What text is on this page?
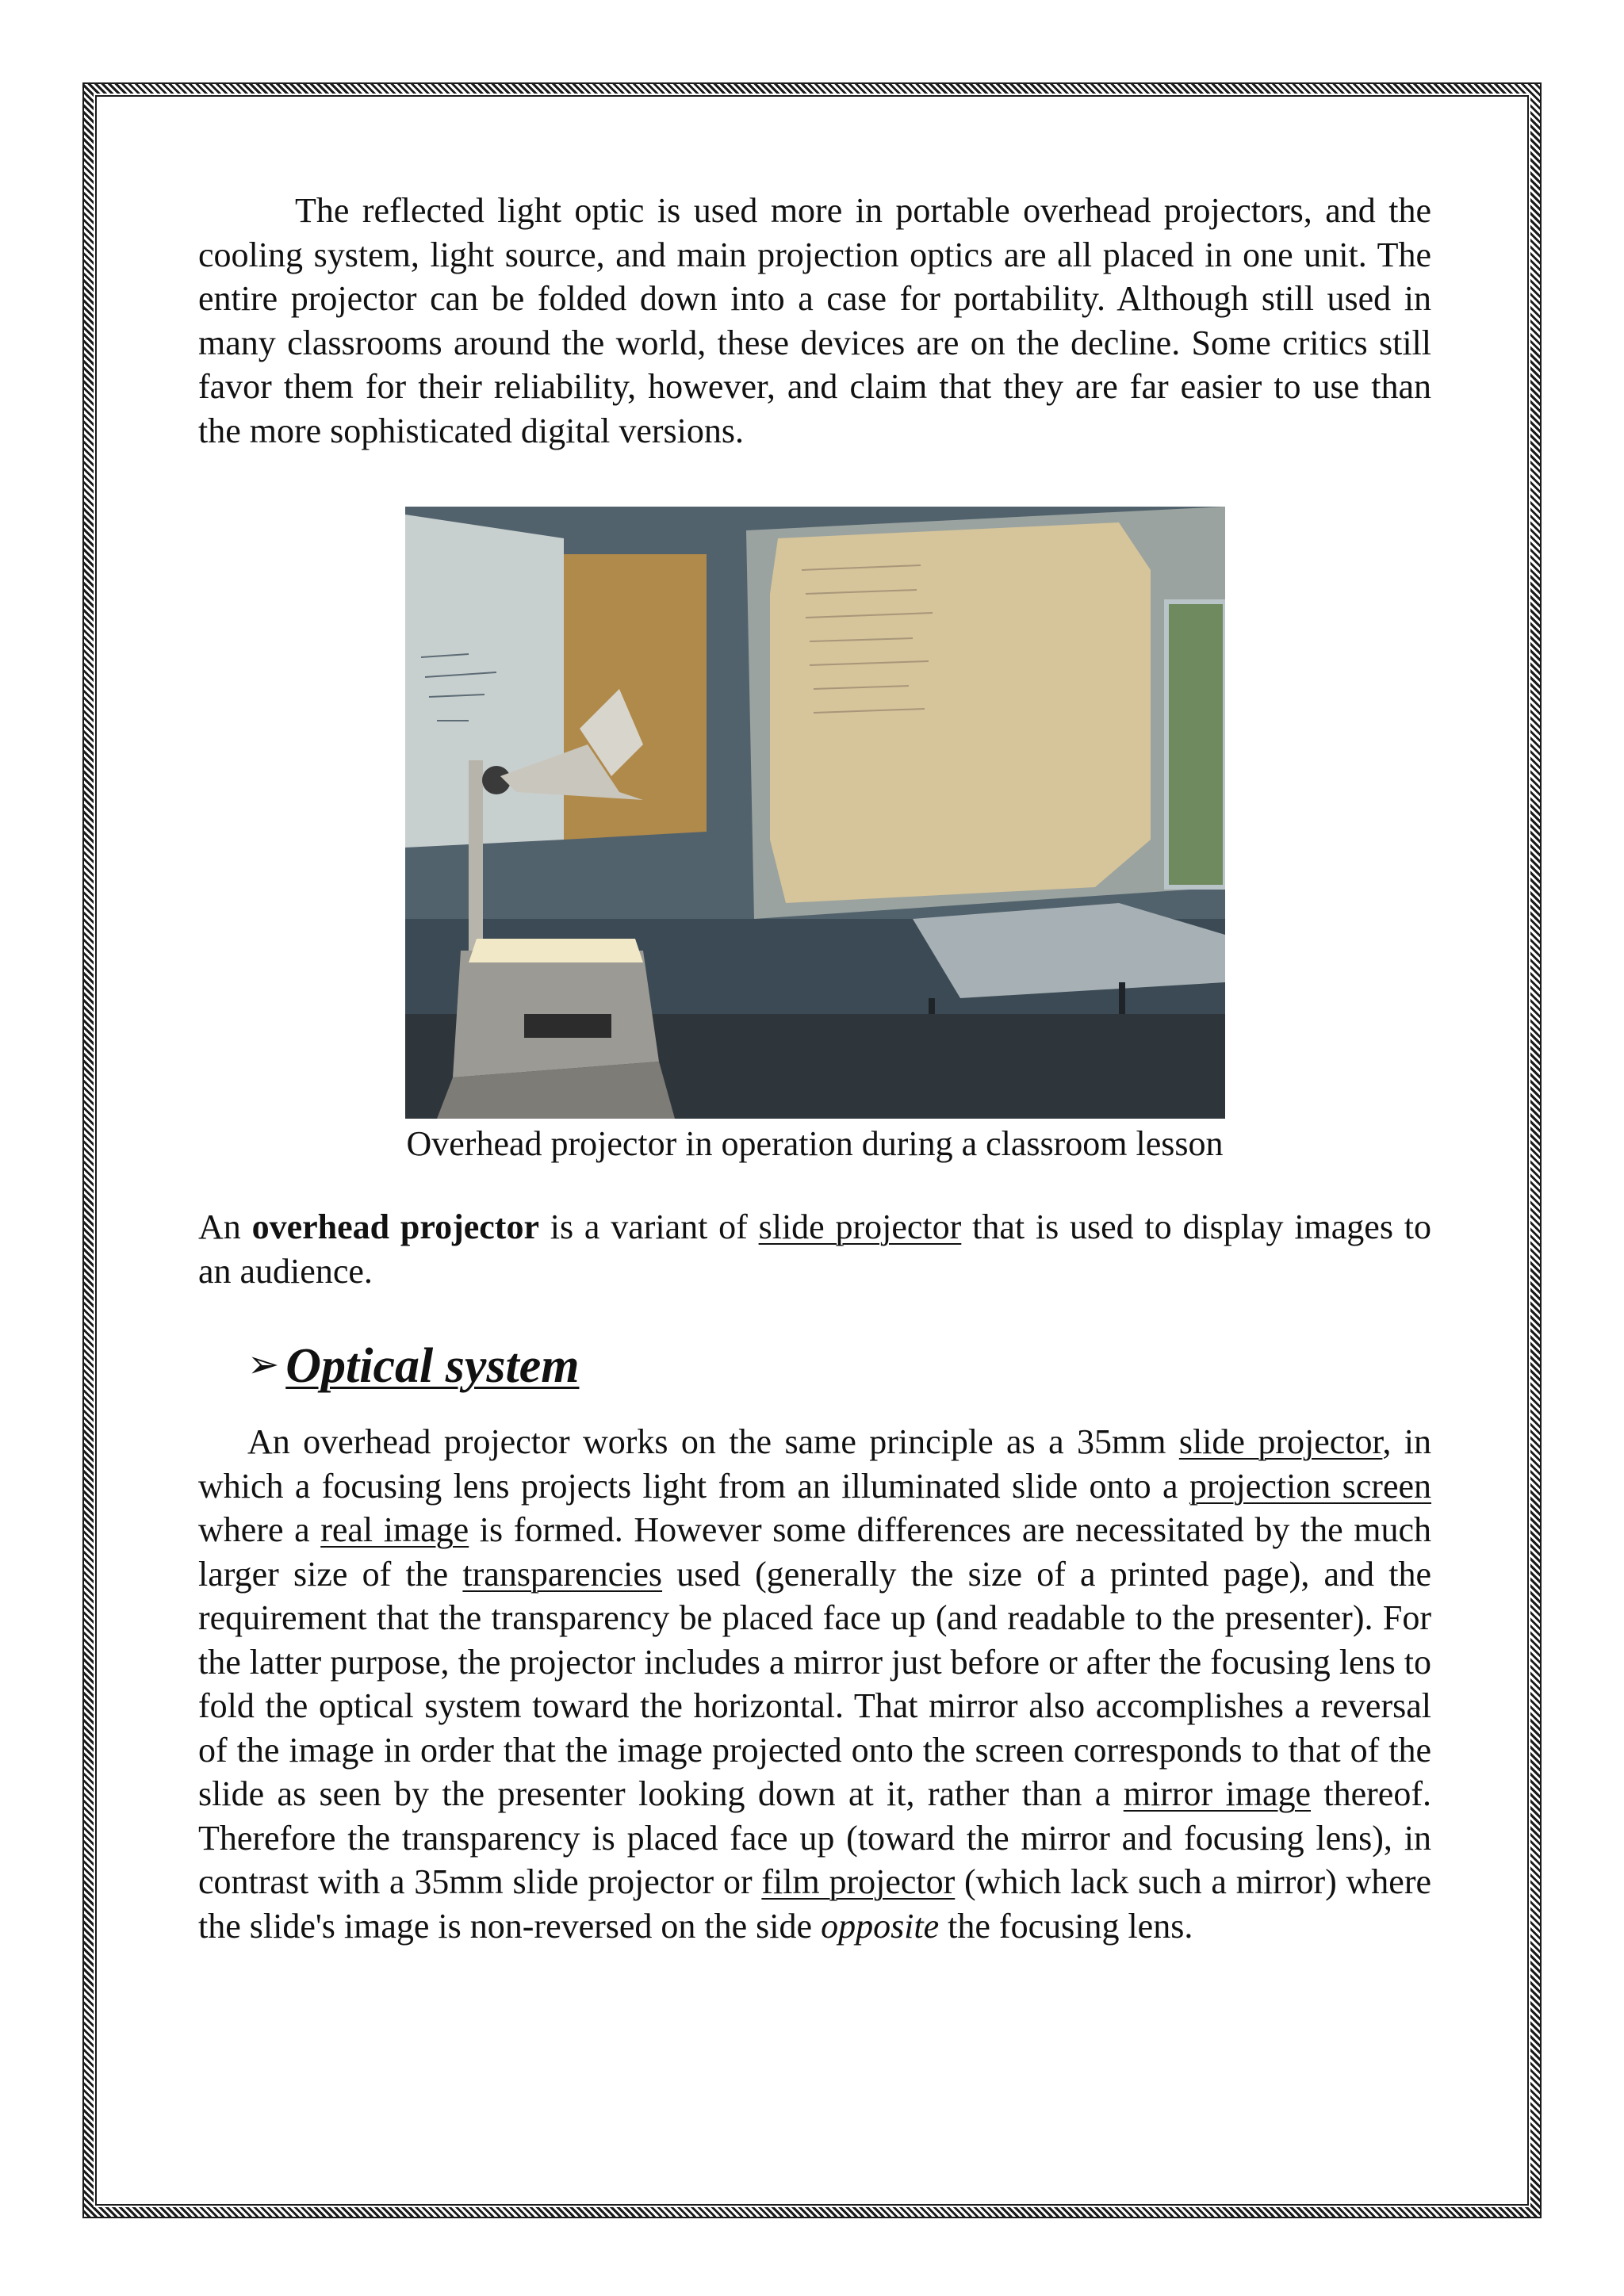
The reflected light optic is used more in portable overhead projectors, and the cooling system, light source, and main projection optics are all placed in one unit. The entire projector can be folded down into a case for portability. Although still used in many classrooms around the world, these devices are on the decline. Some critics still favor them for their reliability, however, and claim that they are far easier to use than the more sophisticated digital versions.

Overhead projector in operation during a classroom lesson

An overhead projector is a variant of slide projector that is used to display images to an audience.

➢ Optical system

An overhead projector works on the same principle as a 35mm slide projector, in which a focusing lens projects light from an illuminated slide onto a projection screen where a real image is formed. However some differences are necessitated by the much larger size of the transparencies used (generally the size of a printed page), and the requirement that the transparency be placed face up (and readable to the presenter). For the latter purpose, the projector includes a mirror just before or after the focusing lens to fold the optical system toward the horizontal. That mirror also accomplishes a reversal of the image in order that the image projected onto the screen corresponds to that of the slide as seen by the presenter looking down at it, rather than a mirror image thereof. Therefore the transparency is placed face up (toward the mirror and focusing lens), in contrast with a 35mm slide projector or film projector (which lack such a mirror) where the slide's image is non-reversed on the side opposite the focusing lens.
